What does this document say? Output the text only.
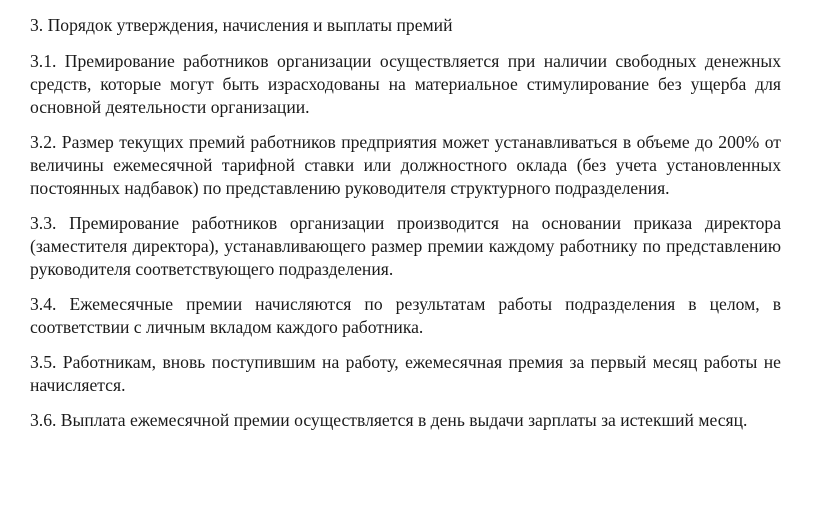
3. Порядок утверждения, начисления и выплаты премий

3.1. Премирование работников организации осуществляется при наличии свободных денежных средств, которые могут быть израсходованы на материальное стимулирование без ущерба для основной деятельности организации.

3.2. Размер текущих премий работников предприятия может устанавливаться в объеме до 200% от величины ежемесячной тарифной ставки или должностного оклада (без учета установленных постоянных надбавок) по представлению руководителя структурного подразделения.

3.3. Премирование работников организации производится на основании приказа директора (заместителя директора), устанавливающего размер премии каждому работнику по представлению руководителя соответствующего подразделения.

3.4. Ежемесячные премии начисляются по результатам работы подразделения в целом, в соответствии с личным вкладом каждого работника.

3.5. Работникам, вновь поступившим на работу, ежемесячная премия за первый месяц работы не начисляется.

3.6. Выплата ежемесячной премии осуществляется в день выдачи зарплаты за истекший месяц.
